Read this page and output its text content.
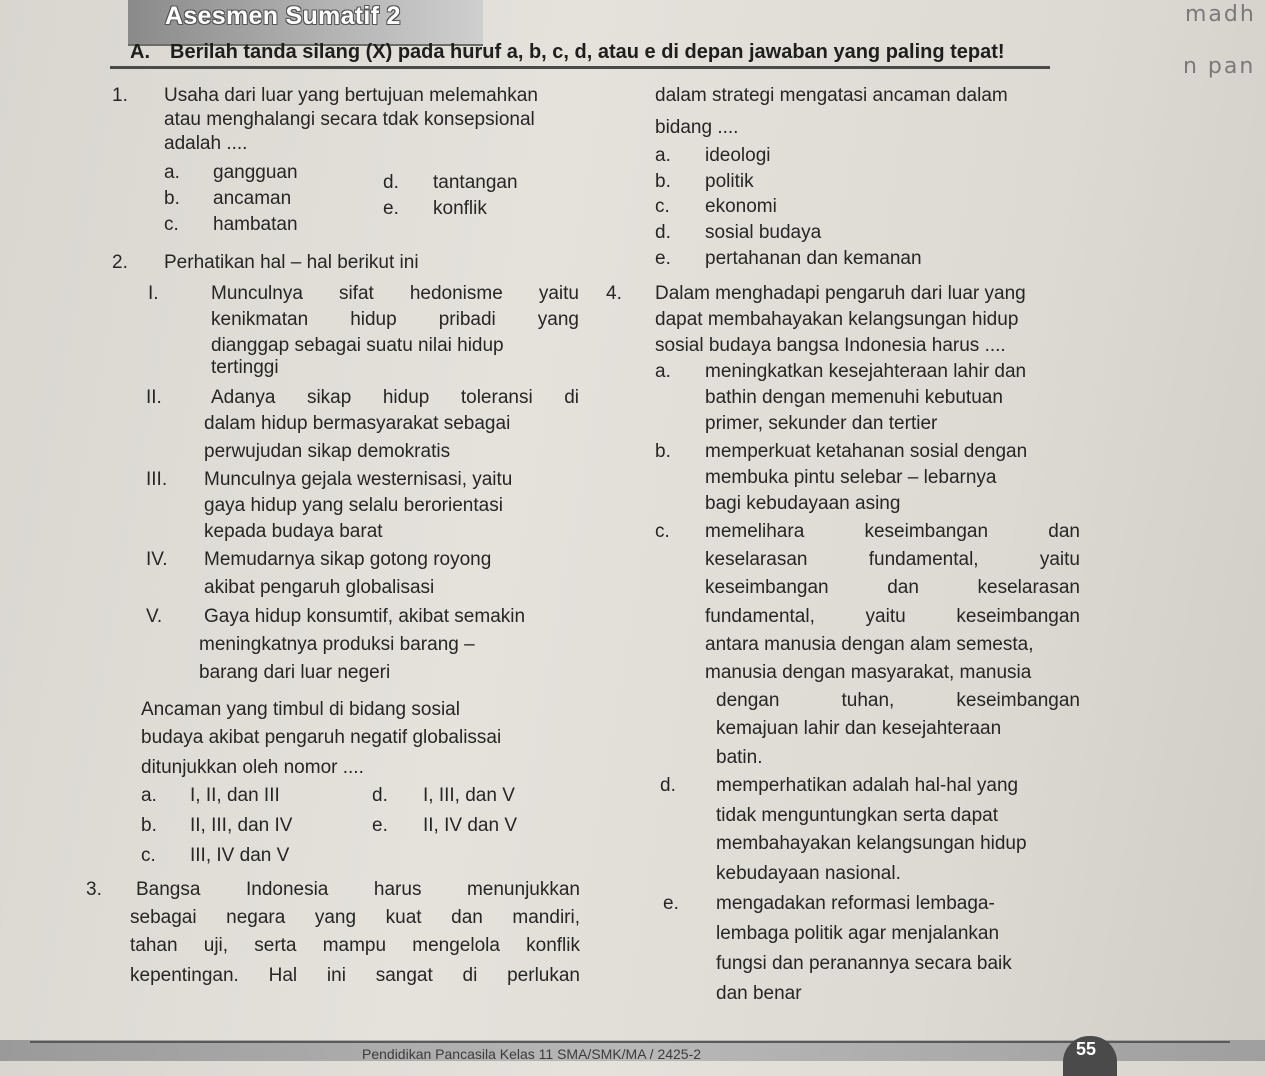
Asesmen Sumatif 2	madh
n pan
A. Berilah tanda silang (X) pada huruf a, b, c, d, atau e di depan jawaban yang paling tepat!
1. Usaha dari luar yang bertujuan melemahkan
atau menghalangi secara tdak konsepsional
adalah ....
a. gangguan
b. ancaman
c. hambatan
d. tantangan
e. konflik
2. Perhatikan hal – hal berikut ini
I.	Munculnya sifat hedonisme yaitu
kenikmatan hidup pribadi yang
dianggap sebagai suatu nilai hidup
tertinggi
II.	Adanya sikap hidup toleransi di
dalam hidup bermasyarakat sebagai
perwujudan sikap demokratis
III. Munculnya gejala westernisasi, yaitu
gaya hidup yang selalu berorientasi
kepada budaya barat
IV. Memudarnya sikap gotong royong
akibat pengaruh globalisasi
V. Gaya hidup konsumtif, akibat semakin
meningkatnya produksi barang –
barang dari luar negeri
Ancaman yang timbul di bidang sosial
budaya akibat pengaruh negatif globalissai
ditunjukkan oleh nomor ....
a. I, II, dan III
b. II, III, dan IV
c. III, IV dan V
d. I, III, dan V
e. II, IV dan V
3. Bangsa Indonesia harus menunjukkan
sebagai negara yang kuat dan mandiri,
tahan uji, serta mampu mengelola konflik
kepentingan. Hal ini sangat di perlukan
dalam strategi mengatasi ancaman dalam
bidang ....
a. ideologi
b. politik
c. ekonomi
d. sosial budaya
e. pertahanan dan kemanan
4. Dalam menghadapi pengaruh dari luar yang
dapat membahayakan kelangsungan hidup
sosial budaya bangsa Indonesia harus ....
a. meningkatkan kesejahteraan lahir dan
bathin dengan memenuhi kebutuan
primer, sekunder dan tertier
b. memperkuat ketahanan sosial dengan
membuka pintu selebar – lebarnya
bagi kebudayaan asing
c. memelihara keseimbangan dan
keselarasan fundamental, yaitu
keseimbangan dan keselarasan
fundamental, yaitu keseimbangan
antara manusia dengan alam semesta,
manusia dengan masyarakat, manusia
dengan tuhan, keseimbangan
kemajuan lahir dan kesejahteraan
batin.
d. memperhatikan adalah hal-hal yang
tidak menguntungkan serta dapat
membahayakan kelangsungan hidup
kebudayaan nasional.
e. mengadakan reformasi lembaga-
lembaga politik agar menjalankan
fungsi dan peranannya secara baik
dan benar
Pendidikan Pancasila Kelas 11 SMA/SMK/MA / 2425-2	55
